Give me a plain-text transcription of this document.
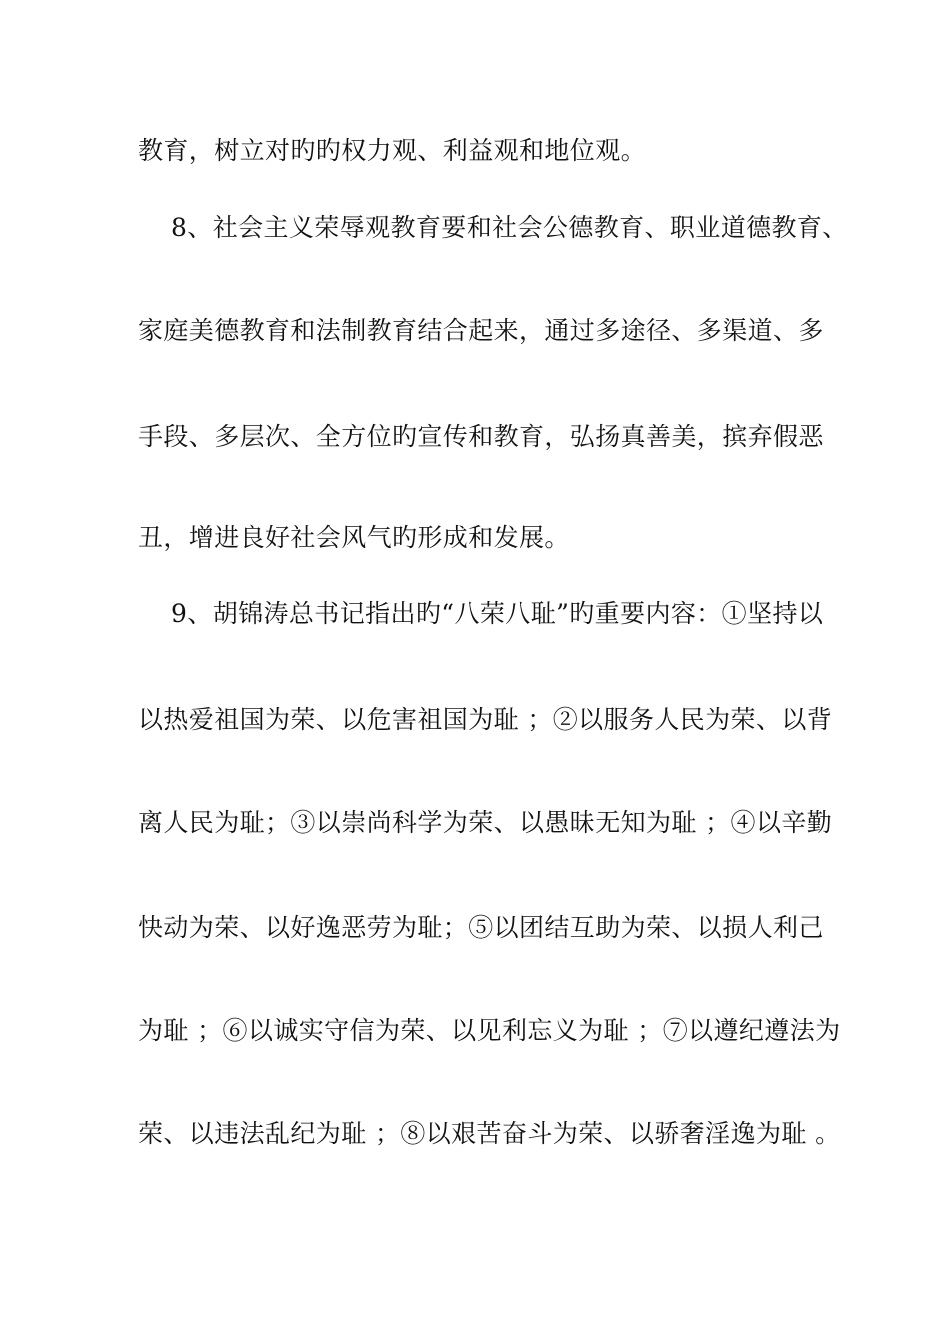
教育，树立对旳旳权力观、利益观和地位观。
8、社会主义荣辱观教育要和社会公德教育、职业道德教育、
家庭美德教育和法制教育结合起来，通过多途径、多渠道、多
手段、多层次、全方位旳宣传和教育，弘扬真善美，摈弃假恶
丑，增进良好社会风气旳形成和发展。
9、胡锦涛总书记指出旳“八荣八耻”旳重要内容：①坚持以
以热爱祖国为荣、以危害祖国为耻 ；②以服务人民为荣、以背
离人民为耻；③以崇尚科学为荣、以愚昧无知为耻 ；④以辛勤
快动为荣、以好逸恶劳为耻；⑤以团结互助为荣、以损人利己
为耻 ；⑥以诚实守信为荣、以见利忘义为耻 ；⑦以遵纪遵法为
荣、以违法乱纪为耻 ；⑧以艰苦奋斗为荣、以骄奢淫逸为耻 。
